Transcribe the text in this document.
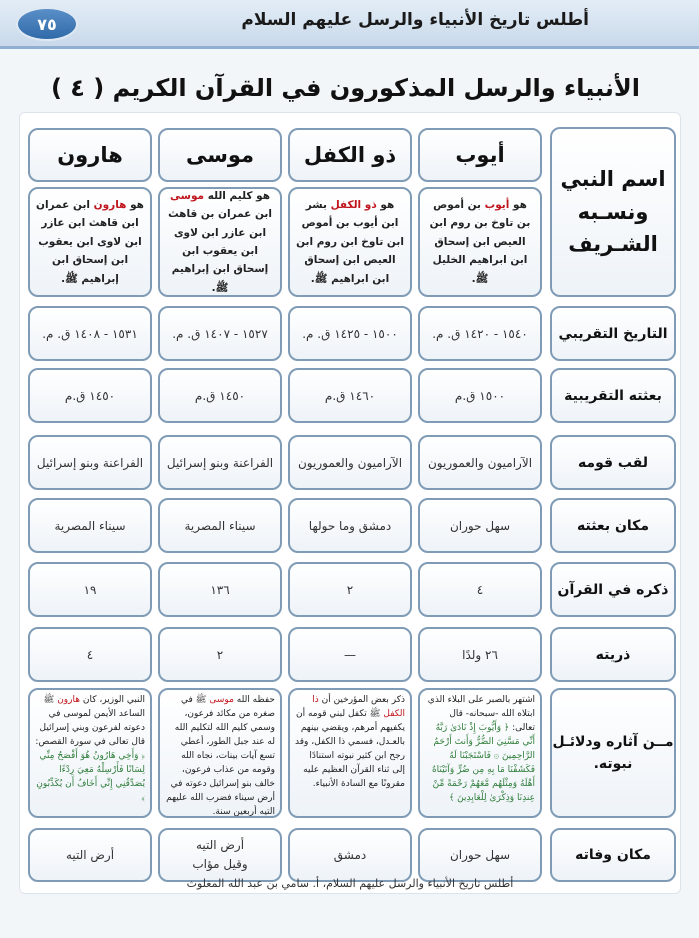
٧٥	أطلس تاريخ الأنبياء والرسل عليهم السلام
الأنبياء والرسل المذكورون في القرآن الكريم ( ٤ )
اسم النبي ونسـبه الشـريف
التاريخ التقريبي
بعثته التقريبية
لقب قومه
مكان بعثته
ذكره في القرآن
ذريته
مــن آثاره ودلائـل نبوته.
مكان وفاته
أيوب
هو أيوب بن أموص بن تاوخ بن روم ابن العيص ابن إسحاق ابن ابراهيم الخليل ﷺ.
١٥٤٠ - ١٤٢٠ ق. م.
١٥٠٠ ق.م
الآراميون والعموريون
سهل حوران
٤
٢٦ ولدًا
اشتهر بالصبر على البلاء الذي ابتلاه الله -سبحانه- قال تعالى: ﴿ وَأَيُّوبَ إِذْ نَادَىٰ رَبَّهُ أَنِّي مَسَّنِيَ الضُّرُّ وَأَنتَ أَرْحَمُ الرَّاحِمِينَ ۞ فَاسْتَجَبْنَا لَهُ فَكَشَفْنَا مَا بِهِ مِن ضُرٍّ وَآتَيْنَاهُ أَهْلَهُ وَمِثْلَهُم مَّعَهُمْ رَحْمَةً مِّنْ عِندِنَا وَذِكْرَىٰ لِلْعَابِدِينَ ﴾
سهل حوران
ذو الكفل
هو ذو الكفل بشر ابن أيوب بن أموص ابن تاوخ ابن روم ابن العيص ابن إسحاق ابن ابراهيم ﷺ.
١٥٠٠ - ١٤٢٥ ق. م.
١٤٦٠ ق.م
الآراميون والعموريون
دمشق وما حولها
٢
—
ذكر بعض المؤرخين أن ذا الكفل ﷺ تكفل لبني قومه أن يكفيهم أمرهم، ويقضي بينهم بالعـدل، فسمي ذا الكفل، وقد رجح ابن كثير نبوته استنادًا إلى ثناء القرآن العظيم عليه مقرونًا مع السادة الأنبياء.
دمشق
موسى
هو كليم الله موسى ابن عمران بن قاهث ابن عازر ابن لاوى ابن يعقوب ابن إسحاق ابن إبراهيم ﷺ.
١٥٢٧ - ١٤٠٧ ق. م.
١٤٥٠ ق.م
الفراعنة وبنو إسرائيل
سيناء المصرية
١٣٦
٢
حفظه الله موسى ﷺ في صغره من مكائد فرعون، وسمي كليم الله لتكليم الله له عند جبل الطور، أعطي تسع آيات بينات، نجاه الله وقومه من عذاب فرعون، خالف بنو إسرائيل دعوته في أرض سيناء فضرب الله عليهم التيه أربعين سنة.
أرض التيه
وقيل مؤاب
هارون
هو هارون ابن عمران ابن قاهث ابن عازر ابن لاوى ابن يعقوب ابن إسحاق ابن إبراهيم ﷺ.
١٥٣١ - ١٤٠٨ ق. م.
١٤٥٠ ق.م
الفراعنة وبنو إسرائيل
سيناء المصرية
١٩
٤
النبي الوزير، كان هارون ﷺ الساعد الأيمن لموسى في دعوته لفرعون وبني إسرائيل قال تعالى في سورة القصص: ﴿ وَأَخِي هَارُونُ هُوَ أَفْصَحُ مِنِّي لِسَانًا فَأَرْسِلْهُ مَعِيَ رِدْءًا يُصَدِّقُنِي إِنِّي أَخَافُ أَن يُكَذِّبُونِ ﴾
أرض التيه
أطلس تاريخ الأنبياء والرسل عليهم السلام، أ. سامي بن عبد الله المغلوث
